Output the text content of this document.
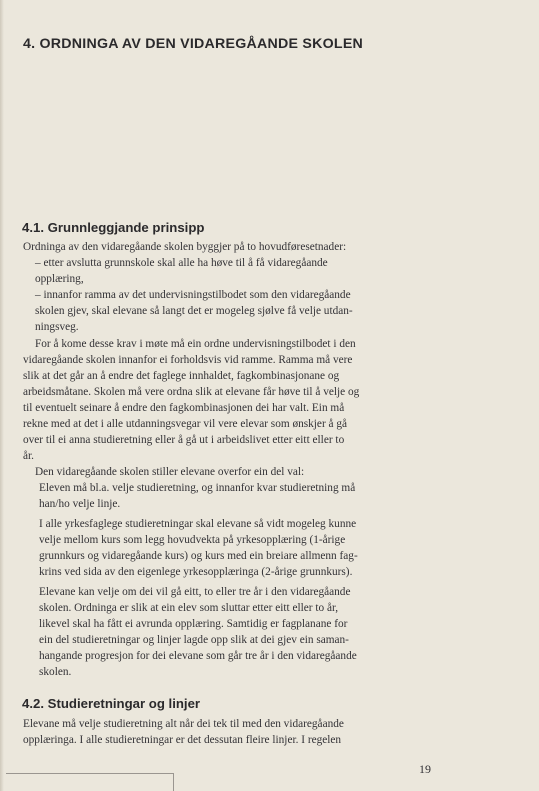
4. ORDNINGA AV DEN VIDAREGÅANDE SKOLEN
4.1. Grunnleggjande prinsipp
Ordninga av den vidaregåande skolen byggjer på to hovudføresetnader:
– etter avslutta grunnskole skal alle ha høve til å få vidaregåande
opplæring,
– innanfor ramma av det undervisningstilbodet som den vidaregåande
skolen gjev, skal elevane så langt det er mogeleg sjølve få velje utdan-
ningsveg.
For å kome desse krav i møte må ein ordne undervisningstilbodet i den
vidaregåande skolen innanfor ei forholdsvis vid ramme. Ramma må vere
slik at det går an å endre det faglege innhaldet, fagkombinasjonane og
arbeidsmåtane. Skolen må vere ordna slik at elevane får høve til å velje og
til eventuelt seinare å endre den fagkombinasjonen dei har valt. Ein må
rekne med at det i alle utdanningsvegar vil vere elevar som ønskjer å gå
over til ei anna studieretning eller å gå ut i arbeidslivet etter eitt eller to
år.
Den vidaregåande skolen stiller elevane overfor ein del val:
Eleven må bl.a. velje studieretning, og innanfor kvar studieretning må
han/ho velje linje.
I alle yrkesfaglege studieretningar skal elevane så vidt mogeleg kunne
velje mellom kurs som legg hovudvekta på yrkesopplæring (1-årige
grunnkurs og vidaregåande kurs) og kurs med ein breiare allmenn fag-
krins ved sida av den eigenlege yrkesopplæringa (2-årige grunnkurs).
Elevane kan velje om dei vil gå eitt, to eller tre år i den vidaregåande
skolen. Ordninga er slik at ein elev som sluttar etter eitt eller to år,
likevel skal ha fått ei avrunda opplæring. Samtidig er fagplanane for
ein del studieretningar og linjer lagde opp slik at dei gjev ein saman-
hangande progresjon for dei elevane som går tre år i den vidaregåande
skolen.
4.2. Studieretningar og linjer
Elevane må velje studieretning alt når dei tek til med den vidaregåande
opplæringa. I alle studieretningar er det dessutan fleire linjer. I regelen
19
